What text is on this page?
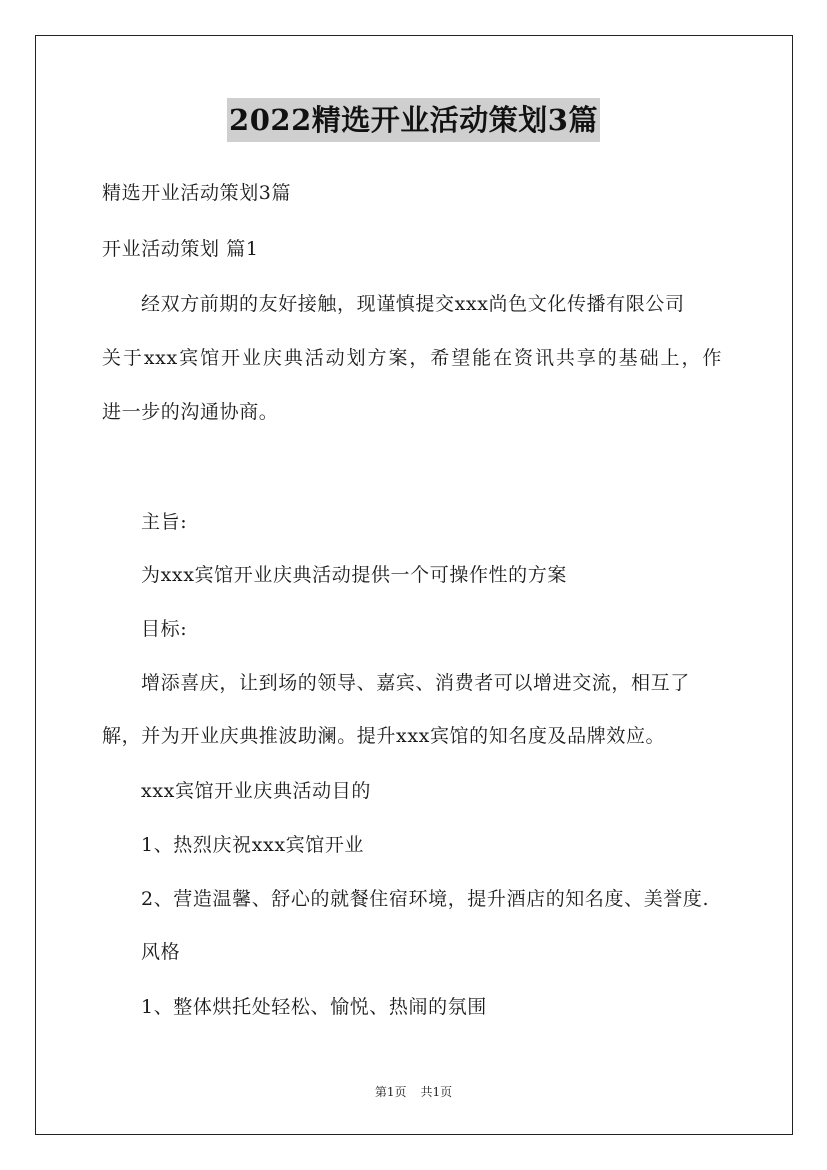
2022精选开业活动策划3篇
精选开业活动策划3篇
开业活动策划 篇1
经双方前期的友好接触，现谨慎提交xxx尚色文化传播有限公司
关于xxx宾馆开业庆典活动划方案，希望能在资讯共享的基础上，作
进一步的沟通协商。
主旨:
为xxx宾馆开业庆典活动提供一个可操作性的方案
目标:
增添喜庆，让到场的领导、嘉宾、消费者可以增进交流，相互了
解，并为开业庆典推波助澜。提升xxx宾馆的知名度及品牌效应。
xxx宾馆开业庆典活动目的
1、热烈庆祝xxx宾馆开业
2、营造温馨、舒心的就餐住宿环境，提升酒店的知名度、美誉度.
风格
1、整体烘托处轻松、愉悦、热闹的氛围
第1页 共1页
